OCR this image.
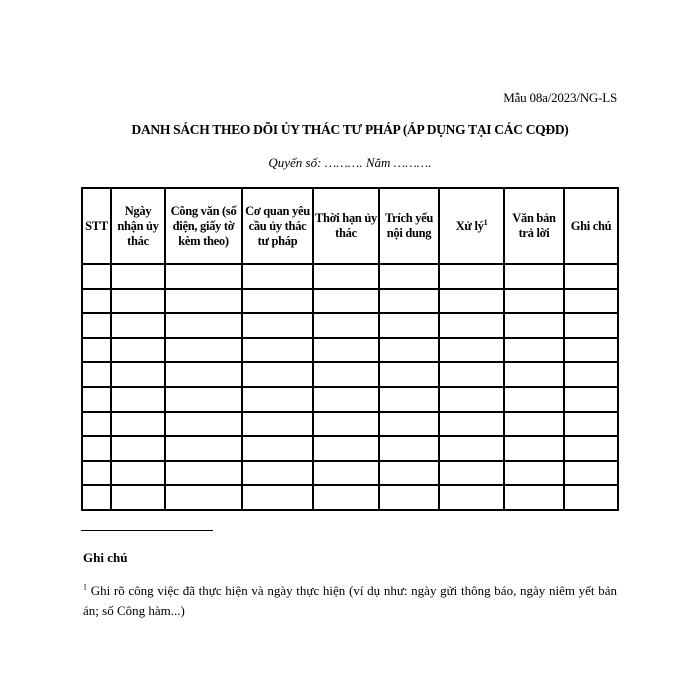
Mẫu 08a/2023/NG-LS
DANH SÁCH THEO DÕI ỦY THÁC TƯ PHÁP (ÁP DỤNG TẠI CÁC CQĐD)
Quyển số: ………. Năm ……….
STT	Ngày nhận ủy thác	Công văn (số điện, giấy tờ kèm theo)	Cơ quan yêu cầu ủy thác tư pháp	Thời hạn ủy thác	Trích yếu nội dung	Xử $lý^1$	Văn bản trả lời	Ghi chú

Ghi chú
$^1$ Ghi rõ công việc đã thực hiện và ngày thực hiện (ví dụ như: ngày gửi thông báo, ngày niêm yết bản án; số Công hàm...)
